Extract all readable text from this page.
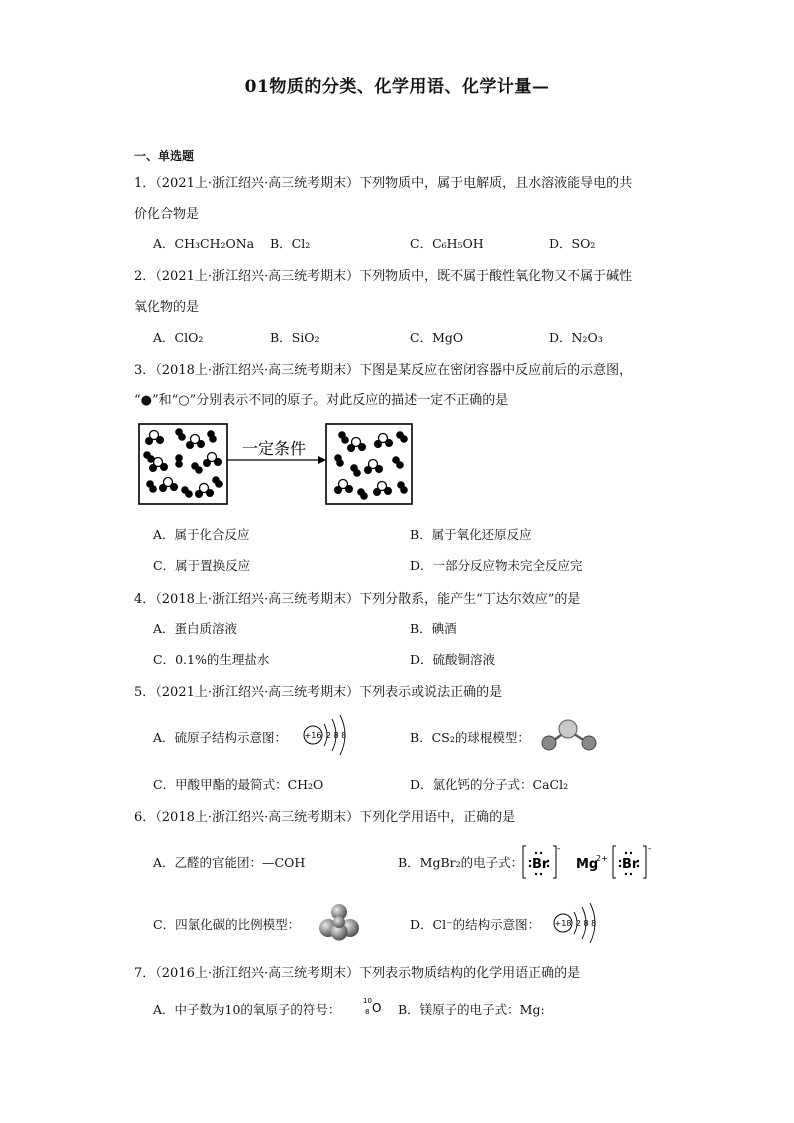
01物质的分类、化学用语、化学计量—
一、单选题
1．（2021上·浙江绍兴·高三统考期末）下列物质中，属于电解质，且水溶液能导电的共
价化合物是
A．CH₃CH₂ONa B．Cl₂	C．C₆H₅OH	D．SO₂
2．（2021上·浙江绍兴·高三统考期末）下列物质中，既不属于酸性氧化物又不属于碱性
氧化物的是
A．ClO₂	B．SiO₂	C．MgO	D．N₂O₃
3．（2018上·浙江绍兴·高三统考期末）下图是某反应在密闭容器中反应前后的示意图，
“●”和“○”分别表示不同的原子。对此反应的描述一定不正确的是
一定条件
A．属于化合反应	B．属于氧化还原反应
C．属于置换反应	D．一部分反应物未完全反应完
4．（2018上·浙江绍兴·高三统考期末）下列分散系，能产生“丁达尔效应”的是
A．蛋白质溶液	B．碘酒
C．0.1%的生理盐水	D．硫酸铜溶液
5．（2021上·浙江绍兴·高三统考期末）下列表示或说法正确的是
A．硫原子结构示意图： +16 2 8 8	B．CS₂的球棍模型：
C．甲酸甲酯的最简式：CH₂O	D．氯化钙的分子式：CaCl₂
6．（2018上·浙江绍兴·高三统考期末）下列化学用语中，正确的是
A．乙醛的官能团：—COH	B．MgBr₂的电子式： Br
-
Mg
2+ Br
-
C．四氯化碳的比例模型：	D．Cl⁻的结构示意图： +18 2 8 8
7．（2016上·浙江绍兴·高三统考期末）下列表示物质结构的化学用语正确的是
A．中子数为10的氧原子的符号：
10
8 O B．镁原子的电子式：Mg:
